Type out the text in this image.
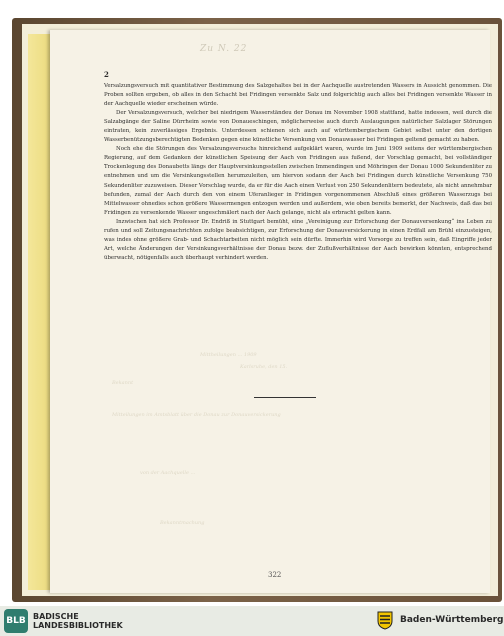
Zu N. 22
2

Versalzungsversuch mit quantitativer Bestimmung des Salzgehaltes bei in der Aachquelle austretenden Wassers in Aussicht genommen. Die Proben sollten ergeben, ob alles in den Schacht bei Fridingen versenkte Salz und folgerichtig auch alles bei Fridingen versenkte Wasser in der Aachquelle wieder erscheinen würde.

Der Versalzungsversuch, welcher bei niedrigem Wasserständeu der Donau im November 1908 stattfand, hatte indessen, weil durch die Salzabgänge der Saline Dürrheim sowie von Donaueschingen, möglicherweise auch durch Auslaugungen natürlicher Salzlager Störungen eintraten, kein zuverlässiges Ergebnis. Unterdessen schienen sich auch auf württembergischem Gebiet selbst unter den dortigen Wasserbenützungsberechtigten Bedenken gegen eine künstliche Versenkung von Donauwasser bei Fridingen geltend gemacht zu haben.

Noch ehe die Störungen des Versalzungsversuchs hinreichend aufgeklärt waren, wurde im Juni 1909 seitens der württembergischen Regierung, auf dem Gedanken der künstlichen Speisung der Aach von Fridingen aus fußend, der Vorschlag gemacht, bei vollständiger Trockenlegung des Donaubetts längs der Hauptversinkungsstellen zwischen Immendingen und Möhringen der Donau 1000 Sekundenliter zu entnehmen und um die Versinkungsstellen herumzuleiten, um hiervon sodann der Aach bei Fridingen durch künstliche Versenkung 750 Sekundenliter zuzuweisen. Dieser Vorschlag wurde, da er für die Aach einen Verlust von 250 Sekundenlitern bedeutete, als nicht annehmbar befunden, zumal der Aach durch den von einem Uferanlieger in Fridingen vorgenommenen Abschluß eines größeren Wasserzugs bei Mittelwasser ohnedies schon größere Wassermengen entzogen werden und außerdem, wie oben bereits bemerkt, der Nachweis, daß das bei Fridingen zu versenkende Wasser ungeschmälert nach der Aach gelange, nicht als erbracht gelten kann.

Inzwischen hat sich Professor Dr. Endriß in Stuttgart bemüht, eine „Vereinigung zur Erforschung der Donauversenkung“ ins Leben zu rufen und soll Zeitungsnachrichten zufolge beabsichtigen, zur Erforschung der Donauversickerung in einen Erdfall am Brühl einzusteigen, was indes ohne größere Grab- und Schachtarbeiten nicht möglich sein dürfte. Immerhin wird Vorsorge zu treffen sein, daß Eingriffe jeder Art, welche Änderungen der Versinkungsverhältnisse der Donau bezw. der Zuflußverhältnisse der Aach bewirken könnten, entsprechend überwacht, nötigenfalls auch überhaupt verhindert werden.

Mittheilungen ... 1909
Karlsruhe, den 15.
Bekannt
Mitteilungen im Amtsblatt über die Donau zur Donauversickerung
von der Aachquelle ...
Bekanntmachung
322
BLB BADISCHE
LANDESBIBLIOTHEK
Baden-Württemberg
